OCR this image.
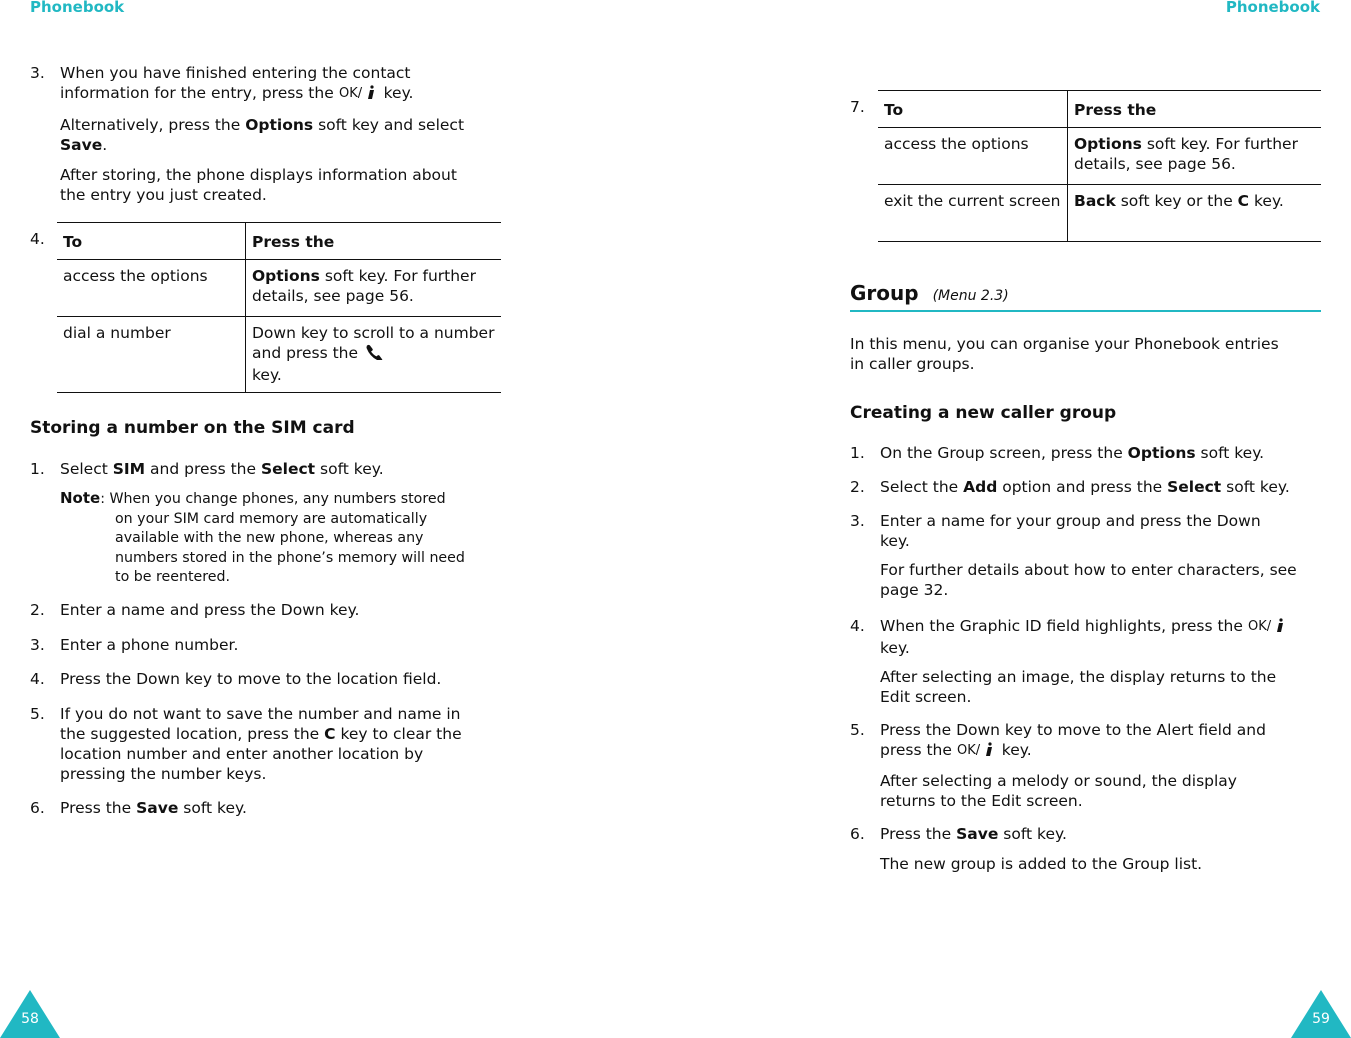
Phonebook
3. When you have finished entering the contact
information for the entry, press the OK/ key.
Alternatively, press the Options soft key and select
Save.
After storing, the phone displays information about
the entry you just created.
4. To	Press the
access the options	Options soft key. For further details, see page 56.
dial a number	Down key to scroll to a number and press the
key.
Storing a number on the SIM card
1. Select SIM and press the Select soft key.
Note: When you change phones, any numbers stored
on your SIM card memory are automatically
available with the new phone, whereas any
numbers stored in the phone’s memory will need
to be reentered.
2. Enter a name and press the Down key.
3. Enter a phone number.
4. Press the Down key to move to the location field.
5. If you do not want to save the number and name in
the suggested location, press the C key to clear the
location number and enter another location by
pressing the number keys.
6. Press the Save soft key.
58
Phonebook
7. To	Press the
access the options	Options soft key. For further details, see page 56.
exit the current screen	Back soft key or the C key.
Group (Menu 2.3)
In this menu, you can organise your Phonebook entries
in caller groups.
Creating a new caller group
1. On the Group screen, press the Options soft key.
2. Select the Add option and press the Select soft key.
3. Enter a name for your group and press the Down
key.
For further details about how to enter characters, see
page 32.
4. When the Graphic ID field highlights, press the OK/
key.
After selecting an image, the display returns to the
Edit screen.
5. Press the Down key to move to the Alert field and
press the OK/ key.
After selecting a melody or sound, the display
returns to the Edit screen.
6. Press the Save soft key.
The new group is added to the Group list.
59
